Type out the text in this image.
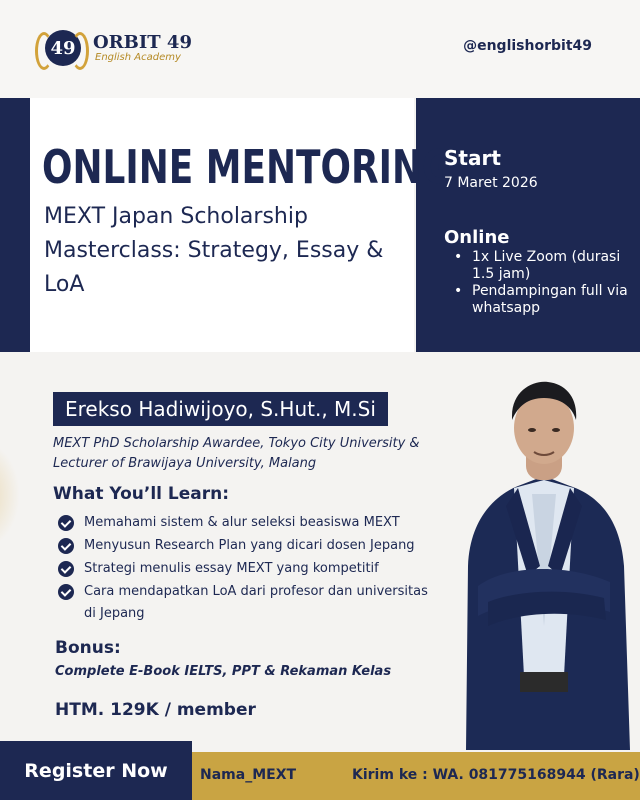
49 ORBIT 49
English Academy
@englishorbit49
ONLINE MENTORING
MEXT Japan Scholarship Masterclass: Strategy, Essay & LoA
Start
7 Maret 2026
Online
• 1x Live Zoom (durasi 1.5 jam)
• Pendampingan full via whatsapp
Erekso Hadiwijoyo, S.Hut., M.Si
MEXT PhD Scholarship Awardee, Tokyo City University & Lecturer of Brawijaya University, Malang
What You’ll Learn:
Memahami sistem & alur seleksi beasiswa MEXT
Menyusun Research Plan yang dicari dosen Jepang
Strategi menulis essay MEXT yang kompetitif
Cara mendapatkan LoA dari profesor dan universitas di Jepang
Bonus:
Complete E-Book IELTS, PPT & Rekaman Kelas
HTM. 129K / member
Register Now	Nama_MEXT	Kirim ke : WA. 081775168944 (Rara)
